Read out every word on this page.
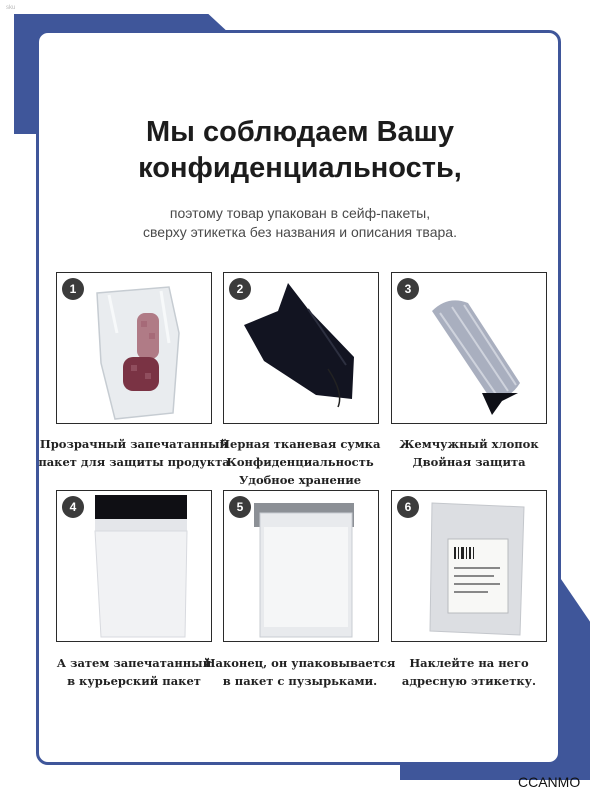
sku
Мы соблюдаем Вашу
конфиденциальность,
поэтому товар упакован в сейф-пакеты,
сверху этикетка без названия и описания твара.
1
Прозрачный запечатанный
пакет для защиты продукта
2
Черная тканевая сумка
Конфиденциальность
Удобное хранение
3
Жемчужный хлопок
Двойная защита
4
А затем запечатанный
в курьерский пакет
5
Наконец, он упаковывается
в пакет с пузырьками.
6
Наклейте на него
адресную этикетку.
CCANMO
